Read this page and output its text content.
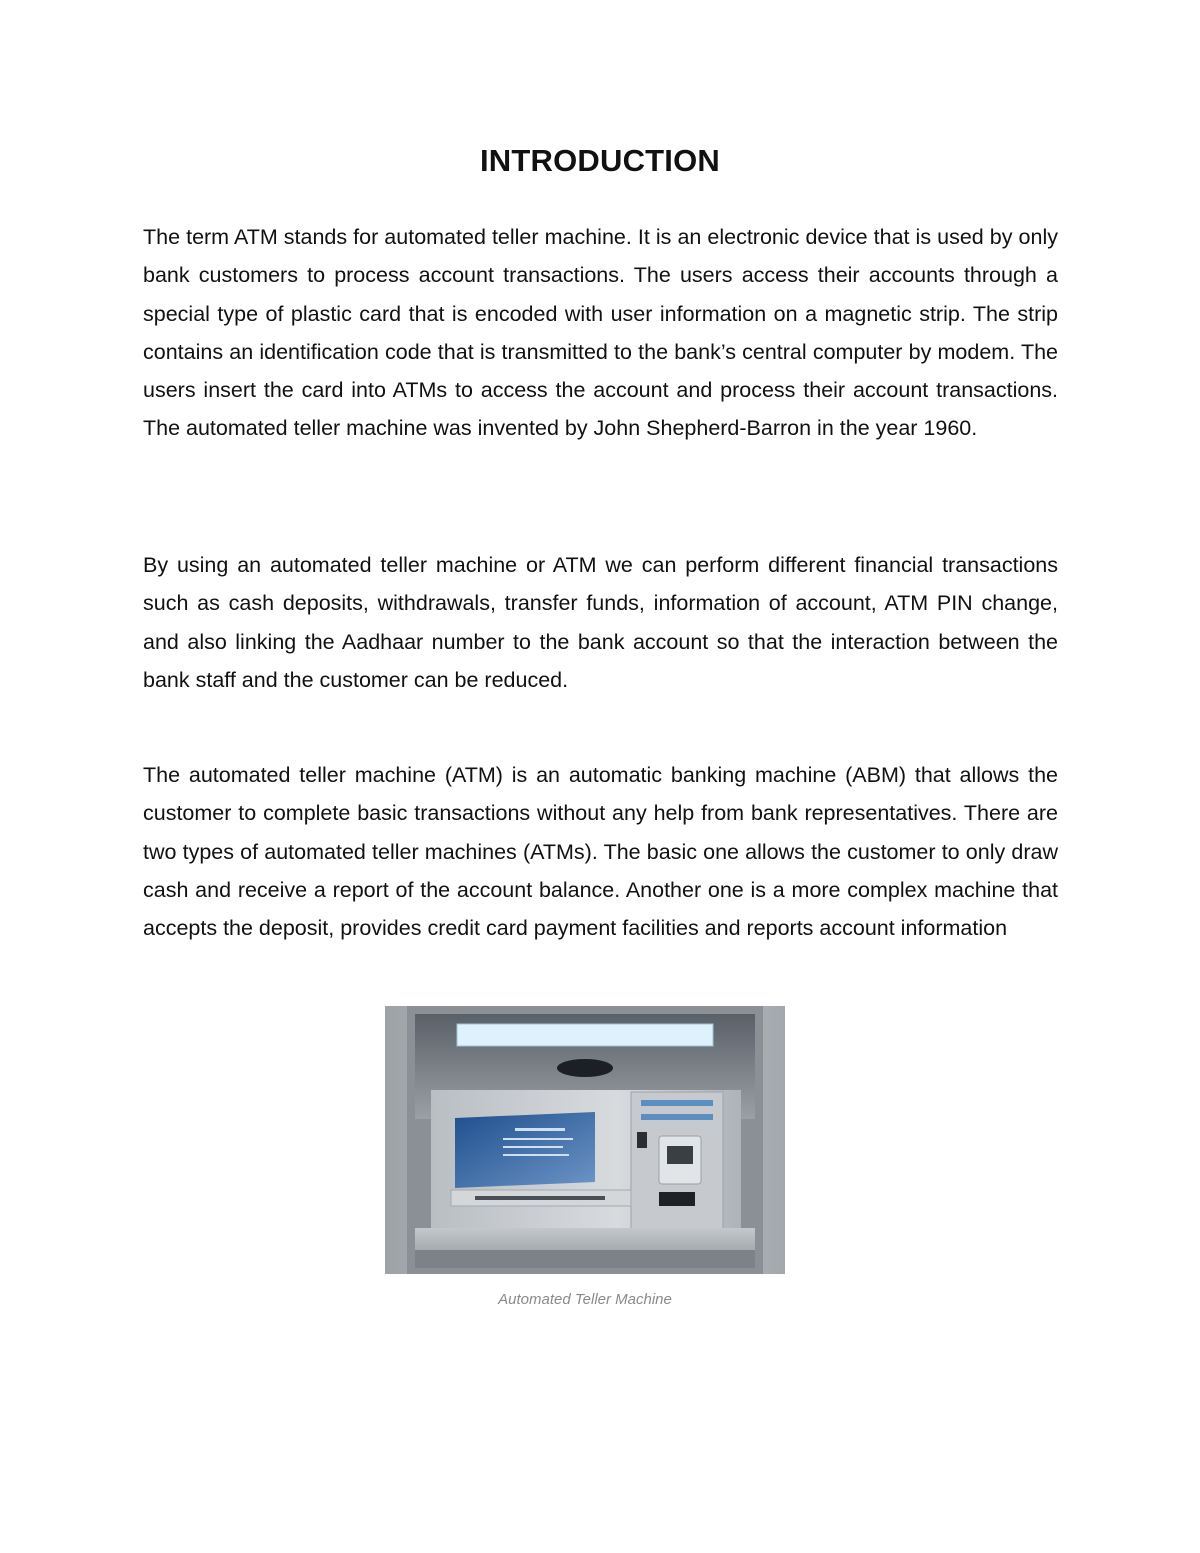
INTRODUCTION

The term ATM stands for automated teller machine. It is an electronic device that is used by only bank customers to process account transactions. The users access their accounts through a special type of plastic card that is encoded with user information on a magnetic strip. The strip contains an identification code that is transmitted to the bank’s central computer by modem. The users insert the card into ATMs to access the account and process their account transactions. The automated teller machine was invented by John Shepherd-Barron in the year 1960.

By using an automated teller machine or ATM we can perform different financial transactions such as cash deposits, withdrawals, transfer funds, information of account, ATM PIN change, and also linking the Aadhaar number to the bank account so that the interaction between the bank staff and the customer can be reduced.

The automated teller machine (ATM) is an automatic banking machine (ABM) that allows the customer to complete basic transactions without any help from bank representatives. There are two types of automated teller machines (ATMs). The basic one allows the customer to only draw cash and receive a report of the account balance. Another one is a more complex machine that accepts the deposit, provides credit card payment facilities and reports account information

Automated Teller Machine
